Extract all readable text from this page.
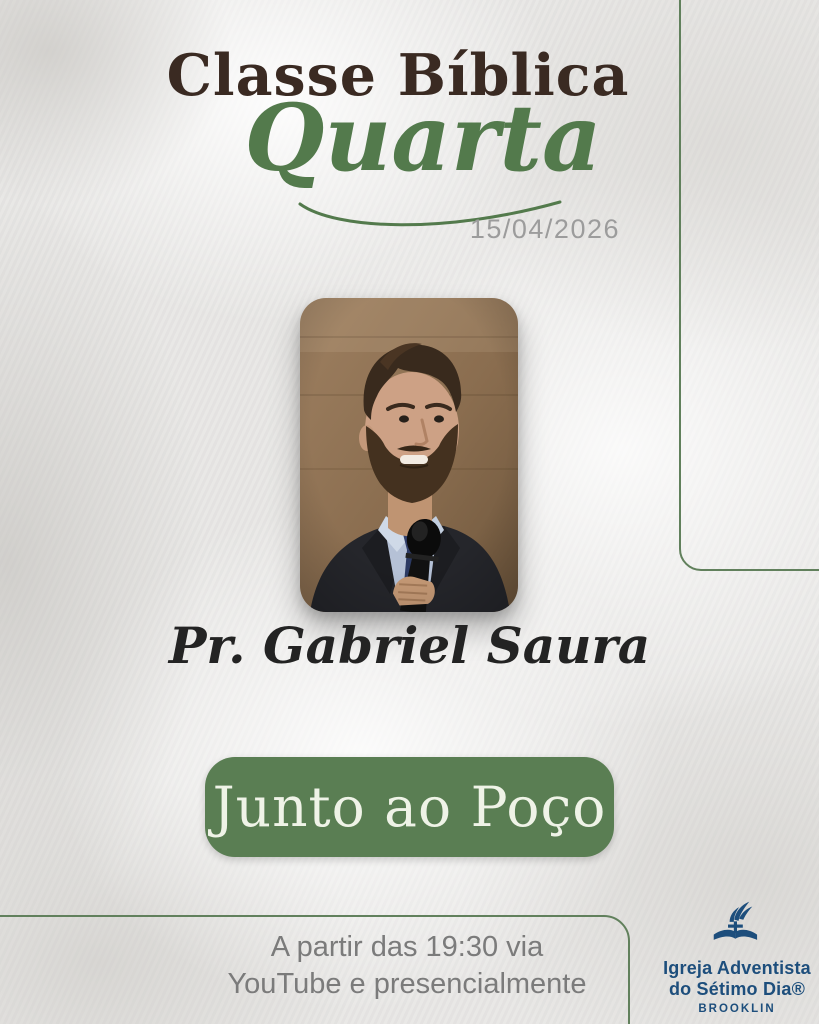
Classe Bíblica
Quarta
15/04/2026
Pr. Gabriel Saura
Junto ao Poço
A partir das 19:30 via
YouTube e presencialmente	Igreja Adventista
do Sétimo Dia®
BROOKLIN
